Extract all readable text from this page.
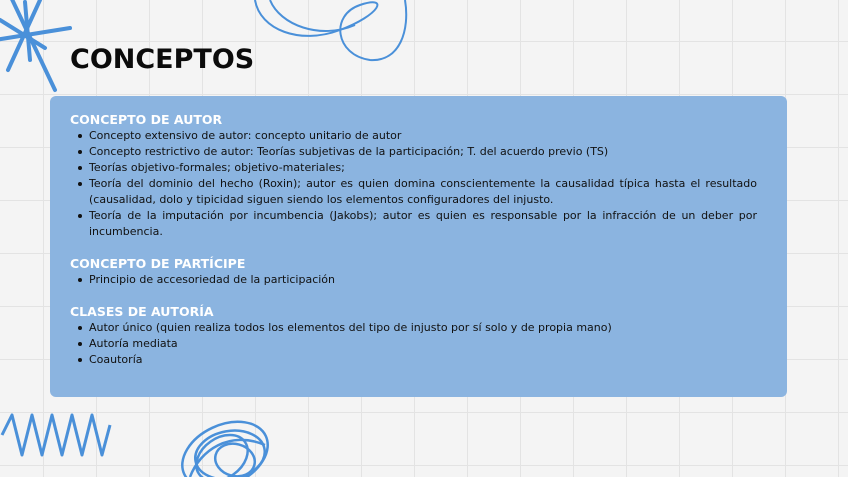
CONCEPTOS
CONCEPTO DE AUTOR
Concepto extensivo de autor: concepto unitario de autor
Concepto restrictivo de autor: Teorías subjetivas de la participación; T. del acuerdo previo (TS)
Teorías objetivo-formales; objetivo-materiales;
Teoría del dominio del hecho (Roxin); autor es quien domina conscientemente la causalidad típica hasta el resultado (causalidad, dolo y tipicidad siguen siendo los elementos configuradores del injusto.
Teoría de la imputación por incumbencia (Jakobs); autor es quien es responsable por la infracción de un deber por incumbencia.
CONCEPTO DE PARTÍCIPE
Principio de accesoriedad de la participación
CLASES DE AUTORÍA
Autor único (quien realiza todos los elementos del tipo de injusto por sí solo y de propia mano)
Autoría mediata
Coautoría
